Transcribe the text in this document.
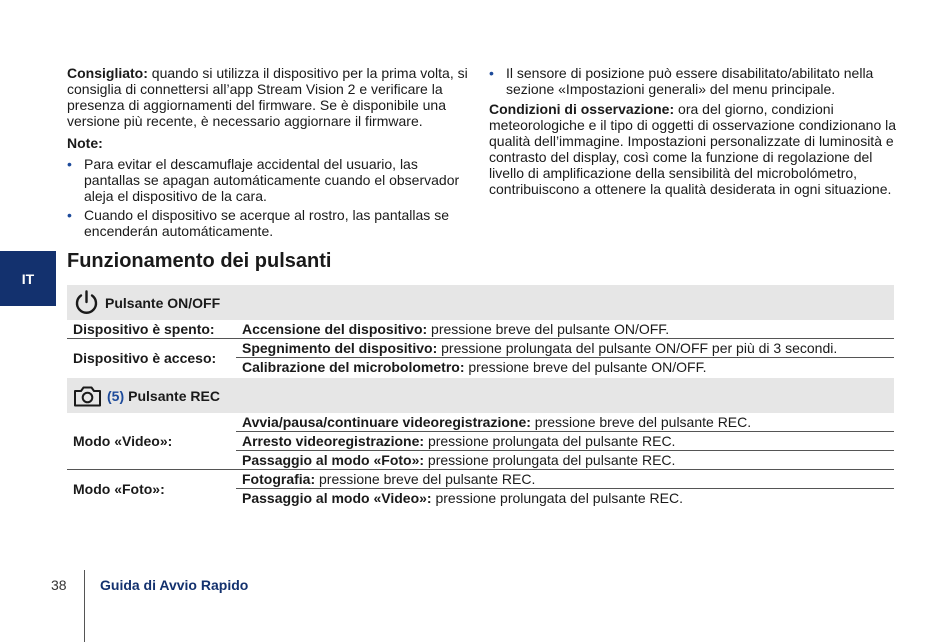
Consigliato: quando si utilizza il dispositivo per la prima volta, si consiglia di connettersi all’app Stream Vision 2 e verificare la presenza di aggiornamenti del firmware. Se è disponibile una versione più recente, è necessario aggiornare il firmware.

Note:
• Para evitar el descamuflaje accidental del usuario, las pantallas se apagan automáticamente cuando el observador aleja el dispositivo de la cara.
• Cuando el dispositivo se acerque al rostro, las pantallas se encenderán automáticamente.
• Il sensore di posizione può essere disabilitato/abilitato nella sezione «Impostazioni generali» del menu principale.

Condizioni di osservazione: ora del giorno, condizioni meteorologiche e il tipo di oggetti di osservazione condizionano la qualità dell’immagine. Impostazioni personalizzate di luminosità e contrasto del display, così come la funzione di regolazione del livello di amplificazione della sensibilità del microbolómetro, contribuiscono a ottenere la qualità desiderata in ogni situazione.

IT
Funzionamento dei pulsanti
Pulsante ON/OFF
Dispositivo è spento:	Accensione del dispositivo: pressione breve del pulsante ON/OFF.
Dispositivo è acceso:
Spegnimento del dispositivo: pressione prolungata del pulsante ON/OFF per più di 3 secondi.
Calibrazione del microbolometro: pressione breve del pulsante ON/OFF.
(5) Pulsante REC
Modo «Video»:
Avvia/pausa/continuare videoregistrazione: pressione breve del pulsante REC.
Arresto videoregistrazione: pressione prolungata del pulsante REC.
Passaggio al modo «Foto»: pressione prolungata del pulsante REC.
Modo «Foto»:
Fotografia: pressione breve del pulsante REC.
Passaggio al modo «Video»: pressione prolungata del pulsante REC.
38 Guida di Avvio Rapido
